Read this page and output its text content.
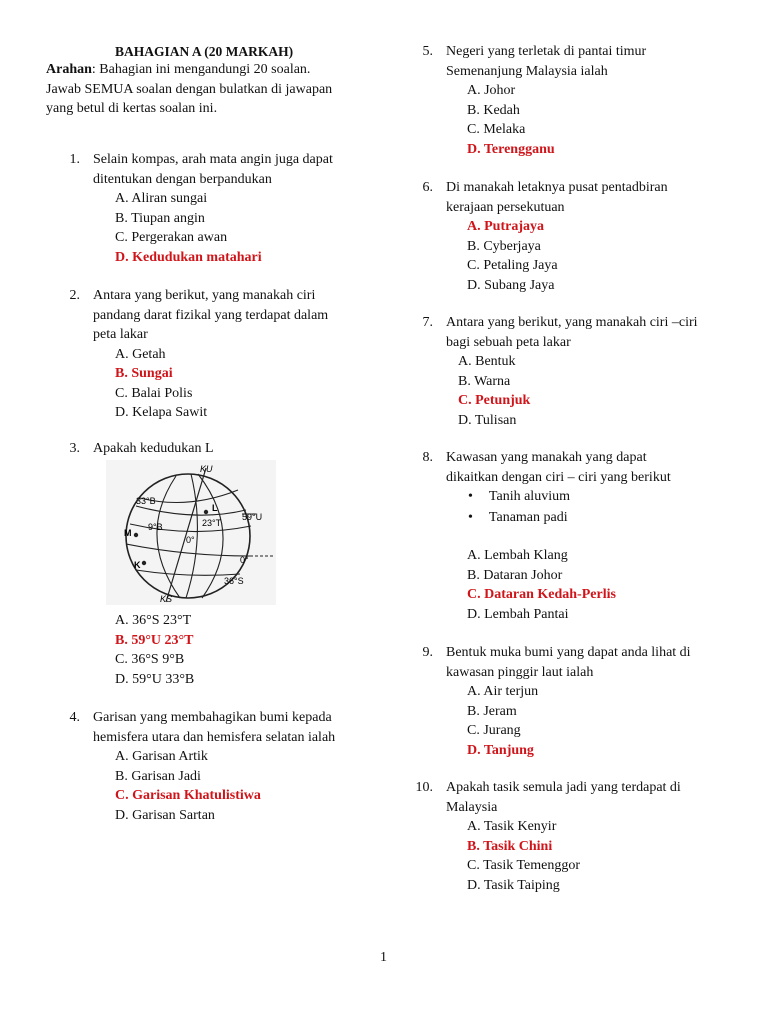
BAHAGIAN A (20 MARKAH)
Arahan: Bahagian ini mengandungi 20 soalan.
Jawab SEMUA soalan dengan bulatkan di jawapan
yang betul di kertas soalan ini.
1. Selain kompas, arah mata angin juga dapat
ditentukan dengan berpandukan
A. Aliran sungai
B. Tiupan angin
C. Pergerakan awan
D. Kedudukan matahari
2. Antara yang berikut, yang manakah ciri
pandang darat fizikal yang terdapat dalam
peta lakar
A. Getah
B. Sungai
C. Balai Polis
D. Kelapa Sawit
3. Apakah kedudukan L
A. 36°S 23°T
B. 59°U 23°T
C. 36°S 9°B
D. 59°U 33°B
4. Garisan yang membahagikan bumi kepada
hemisfera utara dan hemisfera selatan ialah
A. Garisan Artik
B. Garisan Jadi
C. Garisan Khatulistiwa
D. Garisan Sartan
5. Negeri yang terletak di pantai timur
Semenanjung Malaysia ialah
A. Johor
B. Kedah
C. Melaka
D. Terengganu
6. Di manakah letaknya pusat pentadbiran
kerajaan persekutuan
A. Putrajaya
B. Cyberjaya
C. Petaling Jaya
D. Subang Jaya
7. Antara yang berikut, yang manakah ciri –ciri
bagi sebuah peta lakar
A. Bentuk
B. Warna
C. Petunjuk
D. Tulisan
8. Kawasan yang manakah yang dapat
dikaitkan dengan ciri – ciri yang berikut
• Tanih aluvium
• Tanaman padi
A. Lembah Klang
B. Dataran Johor
C. Dataran Kedah-Perlis
D. Lembah Pantai
9. Bentuk muka bumi yang dapat anda lihat di
kawasan pinggir laut ialah
A. Air terjun
B. Jeram
C. Jurang
D. Tanjung
10. Apakah tasik semula jadi yang terdapat di
Malaysia
A. Tasik Kenyir
B. Tasik Chini
C. Tasik Temenggor
D. Tasik Taiping
KU
33°B
L
59°U
23°T
9°B
M
0°
0°
K
36°S
KS
1
